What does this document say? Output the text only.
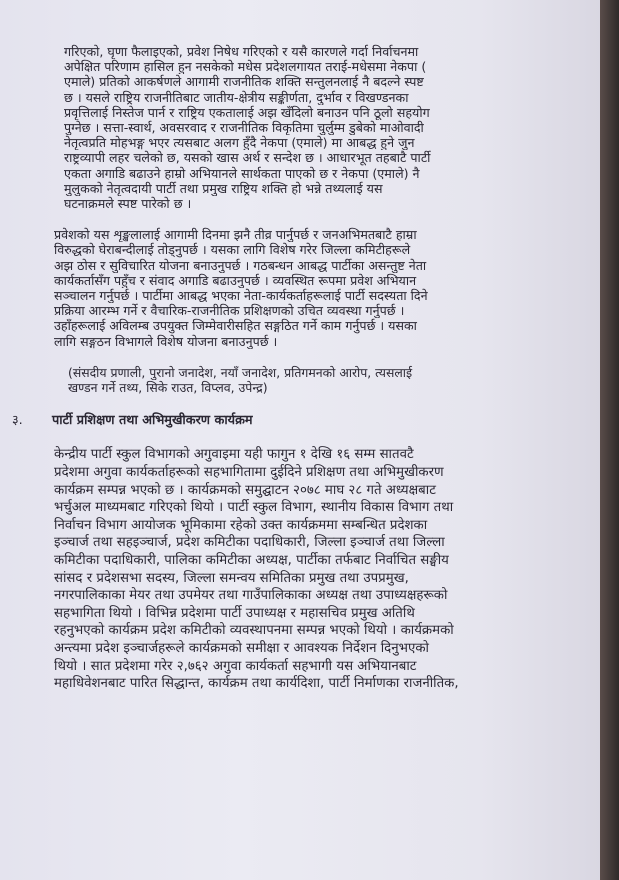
गरिएको, घृणा फैलाइएको, प्रवेश निषेध गरिएको र यसै कारणले गर्दा निर्वाचनमा
अपेक्षित परिणाम हासिल हुन नसकेको मधेस प्रदेशलगायत तराई-मधेसमा नेकपा (
एमाले) प्रतिको आकर्षणले आगामी राजनीतिक शक्ति सन्तुलनलाई नै बदल्ने स्पष्ट
छ । यसले राष्ट्रिय राजनीतिबाट जातीय-क्षेत्रीय सङ्कीर्णता, दुर्भाव र विखण्डनका
प्रवृत्तिलाई निस्तेज पार्न र राष्ट्रिय एकतालाई अझ खँदिलो बनाउन पनि ठूलो सहयोग
पुग्नेछ । सत्ता-स्वार्थ, अवसरवाद र राजनीतिक विकृतिमा चुर्लुम्म डुबेको माओवादी
नेतृत्वप्रति मोहभङ्ग भएर त्यसबाट अलग हुँदै नेकपा (एमाले) मा आबद्ध हुने जुन
राष्ट्रव्यापी लहर चलेको छ, यसको खास अर्थ र सन्देश छ । आधारभूत तहबाटै पार्टी
एकता अगाडि बढाउने हाम्रो अभियानले सार्थकता पाएको छ र नेकपा (एमाले) नै
मुलुकको नेतृत्वदायी पार्टी तथा प्रमुख राष्ट्रिय शक्ति हो भन्ने तथ्यलाई यस
घटनाक्रमले स्पष्ट पारेको छ ।
प्रवेशको यस शृङ्खलालाई आगामी दिनमा झनै तीव्र पार्नुपर्छ र जनअभिमतबाटै हाम्रा
विरुद्धको घेराबन्दीलाई तोड्नुपर्छ । यसका लागि विशेष गरेर जिल्ला कमिटीहरूले
अझ ठोस र सुविचारित योजना बनाउनुपर्छ । गठबन्धन आबद्ध पार्टीका असन्तुष्ट नेता
कार्यकर्तासँग पहुँच र संवाद अगाडि बढाउनुपर्छ । व्यवस्थित रूपमा प्रवेश अभियान
सञ्चालन गर्नुपर्छ । पार्टीमा आबद्ध भएका नेता-कार्यकर्ताहरूलाई पार्टी सदस्यता दिने
प्रक्रिया आरम्भ गर्ने र वैचारिक-राजनीतिक प्रशिक्षणको उचित व्यवस्था गर्नुपर्छ ।
उहाँहरूलाई अविलम्ब उपयुक्त जिम्मेवारीसहित सङ्गठित गर्ने काम गर्नुपर्छ । यसका
लागि सङ्गठन विभागले विशेष योजना बनाउनुपर्छ ।
(संसदीय प्रणाली, पुरानो जनादेश, नयाँ जनादेश, प्रतिगमनको आरोप, त्यसलाई
खण्डन गर्ने तथ्य, सिके राउत, विप्लव, उपेन्द्र)
३.	पार्टी प्रशिक्षण तथा अभिमुखीकरण कार्यक्रम
केन्द्रीय पार्टी स्कुल विभागको अगुवाइमा यही फागुन १ देखि १६ सम्म सातवटै
प्रदेशमा अगुवा कार्यकर्ताहरूको सहभागितामा दुईदिने प्रशिक्षण तथा अभिमुखीकरण
कार्यक्रम सम्पन्न भएको छ । कार्यक्रमको समुद्घाटन २०७८ माघ २८ गते अध्यक्षबाट
भर्चुअल माध्यमबाट गरिएको थियो । पार्टी स्कुल विभाग, स्थानीय विकास विभाग तथा
निर्वाचन विभाग आयोजक भूमिकामा रहेको उक्त कार्यक्रममा सम्बन्धित प्रदेशका
इञ्चार्ज तथा सहइञ्चार्ज, प्रदेश कमिटीका पदाधिकारी, जिल्ला इञ्चार्ज तथा जिल्ला
कमिटीका पदाधिकारी, पालिका कमिटीका अध्यक्ष, पार्टीका तर्फबाट निर्वाचित सङ्घीय
सांसद र प्रदेशसभा सदस्य, जिल्ला समन्वय समितिका प्रमुख तथा उपप्रमुख,
नगरपालिकाका मेयर तथा उपमेयर तथा गाउँपालिकाका अध्यक्ष तथा उपाध्यक्षहरूको
सहभागिता थियो । विभिन्न प्रदेशमा पार्टी उपाध्यक्ष र महासचिव प्रमुख अतिथि
रहनुभएको कार्यक्रम प्रदेश कमिटीको व्यवस्थापनमा सम्पन्न भएको थियो । कार्यक्रमको
अन्त्यमा प्रदेश इञ्चार्जहरूले कार्यक्रमको समीक्षा र आवश्यक निर्देशन दिनुभएको
थियो । सात प्रदेशमा गरेर २,७६२ अगुवा कार्यकर्ता सहभागी यस अभियानबाट
महाधिवेशनबाट पारित सिद्धान्त, कार्यक्रम तथा कार्यदिशा, पार्टी निर्माणका राजनीतिक,
